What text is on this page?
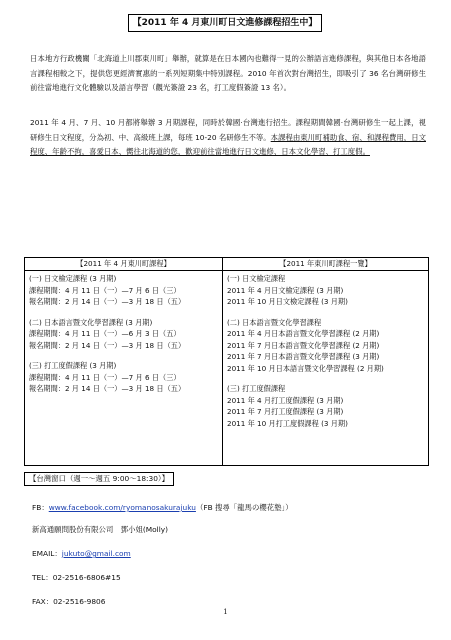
【2011 年 4 月東川町日文進修課程招生中】
日本地方行政機關「北海道上川郡東川町」舉辦，就算是在日本國內也難得一見的公辦語言進修課程，與其他日本各地語言課程相較之下，提供您更經濟實惠的一系列短期集中特別課程。2010 年首次對台灣招生，即吸引了 36 名台灣研修生前往當地進行文化體驗以及語言學習（觀光簽證 23 名，打工度假簽證 13 名）。
2011 年 4 月、7 月、10 月都將舉辦 3 月期課程，同時於韓國‧台灣進行招生。課程期間韓國‧台灣研修生一起上課，視研修生日文程度，分為初、中、高級班上課，每班 10-20 名研修生不等。本課程由東川町補助食、宿、和課程費用，日文程度、年齡不拘，喜愛日本、嚮往北海道的您，歡迎前往當地進行日文進修、日本文化學習、打工度假。
【2011 年 4 月東川町課程】
(一) 日文檢定課程 (3 月期)
課程期間：4 月 11 日（一）—7 月 6 日（三）
報名期間：2 月 14 日（一）—3 月 18 日（五）
(二) 日本語言暨文化學習課程 (3 月期)
課程期間：4 月 11 日（一）—6 月 3 日（五）
報名期間：2 月 14 日（一）—3 月 18 日（五）
(三) 打工度假課程 (3 月期)
課程期間：4 月 11 日（一）—7 月 6 日（三）
報名期間：2 月 14 日（一）—3 月 18 日（五）
【2011 年東川町課程一覽】
(一) 日文檢定課程
2011 年 4 月日文檢定課程 (3 月期)
2011 年 10 月日文檢定課程 (3 月期)
(二) 日本語言暨文化學習課程
2011 年 4 月日本語言暨文化學習課程 (2 月期)
2011 年 7 月日本語言暨文化學習課程 (2 月期)
2011 年 7 月日本語言暨文化學習課程 (3 月期)
2011 年 10 月日本語言暨文化學習課程 (2 月期)
(三) 打工度假課程
2011 年 4 月打工度假課程 (3 月期)
2011 年 7 月打工度假課程 (3 月期)
2011 年 10 月打工度假課程 (3 月期)
【台灣窗口（週一～週五 9:00～18:30）】
FB：www.facebook.com/ryomanosakurajuku（FB 搜尋「龍馬の櫻花塾」）
新高通願問股份有限公司　鄧小姐(Molly)
EMAIL：jukuto@gmail.com
TEL：02-2516-6806#15
FAX：02-2516-9806
1
